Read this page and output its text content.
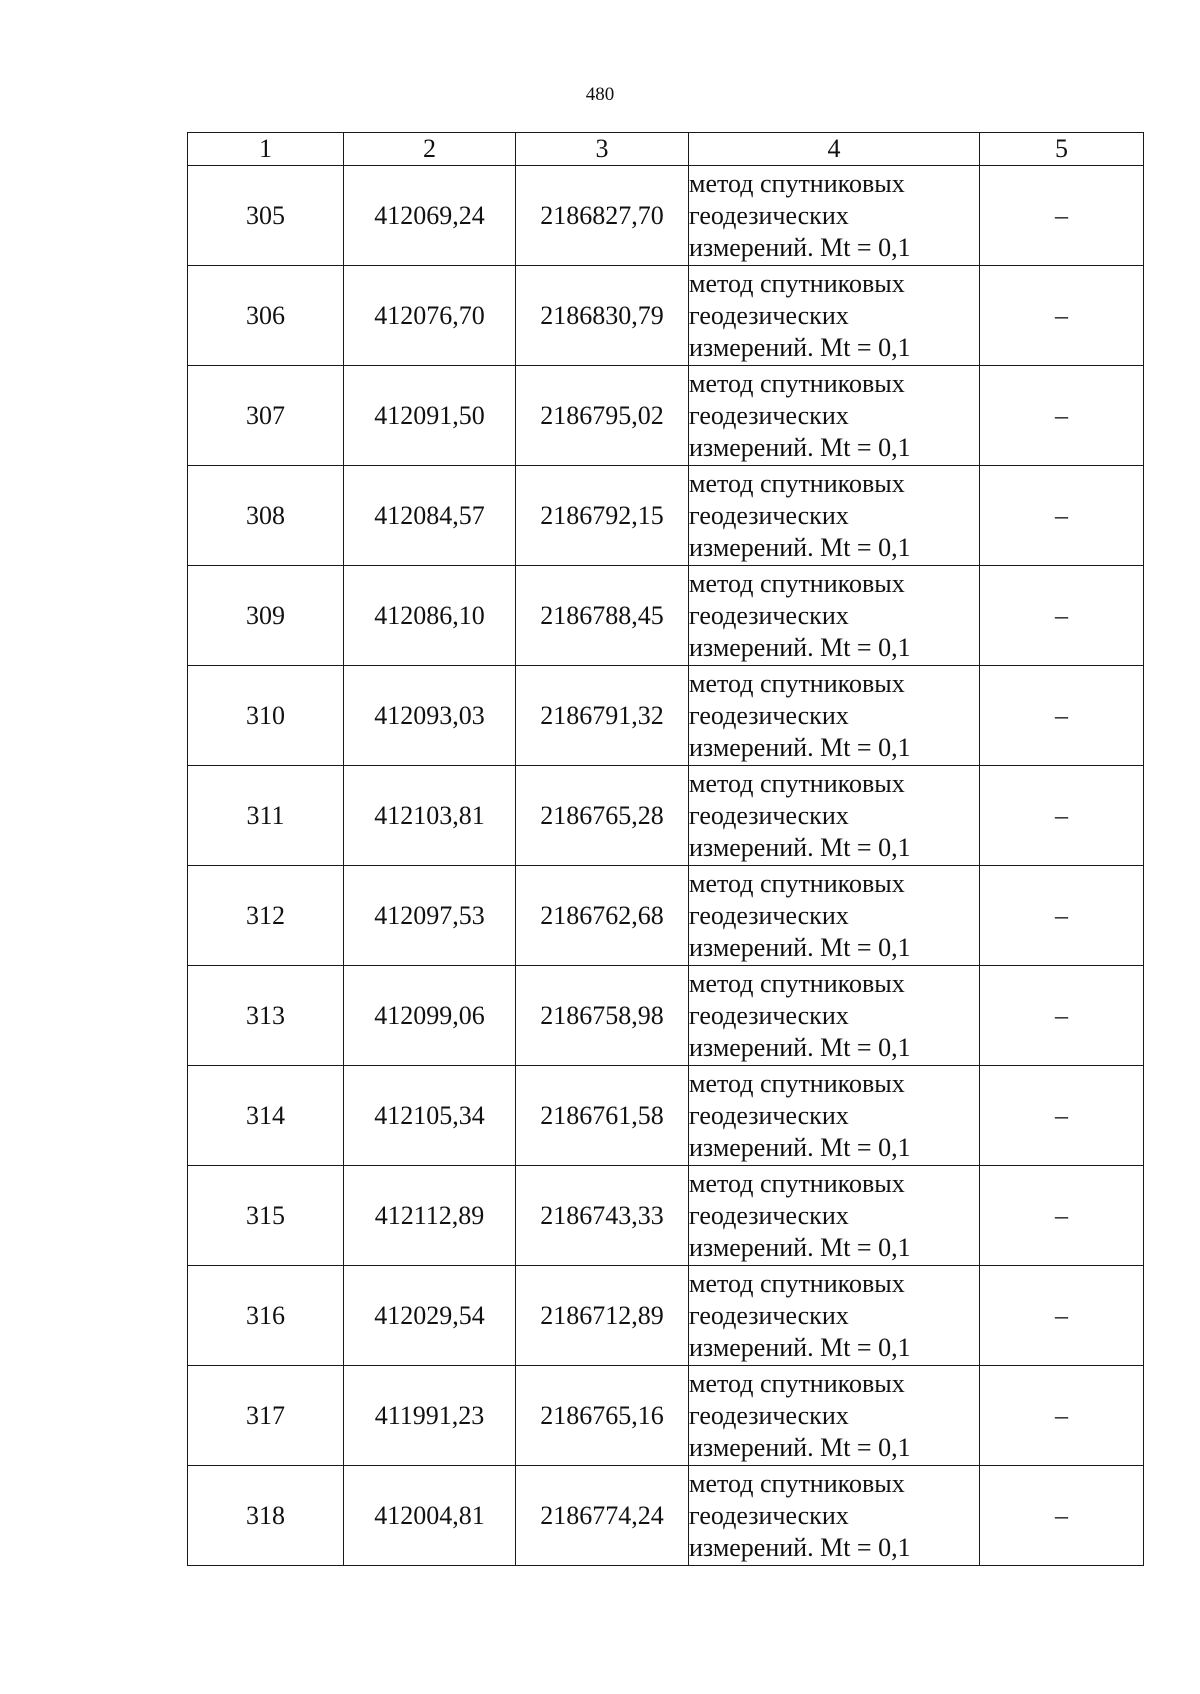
480
1	2	3	4	5
305	412069,24	2186827,70	метод спутниковых
геодезических
измерений. Mt = 0,1	–
306	412076,70	2186830,79	метод спутниковых
геодезических
измерений. Mt = 0,1	–
307	412091,50	2186795,02	метод спутниковых
геодезических
измерений. Mt = 0,1	–
308	412084,57	2186792,15	метод спутниковых
геодезических
измерений. Mt = 0,1	–
309	412086,10	2186788,45	метод спутниковых
геодезических
измерений. Mt = 0,1	–
310	412093,03	2186791,32	метод спутниковых
геодезических
измерений. Mt = 0,1	–
311	412103,81	2186765,28	метод спутниковых
геодезических
измерений. Mt = 0,1	–
312	412097,53	2186762,68	метод спутниковых
геодезических
измерений. Mt = 0,1	–
313	412099,06	2186758,98	метод спутниковых
геодезических
измерений. Mt = 0,1	–
314	412105,34	2186761,58	метод спутниковых
геодезических
измерений. Mt = 0,1	–
315	412112,89	2186743,33	метод спутниковых
геодезических
измерений. Mt = 0,1	–
316	412029,54	2186712,89	метод спутниковых
геодезических
измерений. Mt = 0,1	–
317	411991,23	2186765,16	метод спутниковых
геодезических
измерений. Mt = 0,1	–
318	412004,81	2186774,24	метод спутниковых
геодезических
измерений. Mt = 0,1	–
